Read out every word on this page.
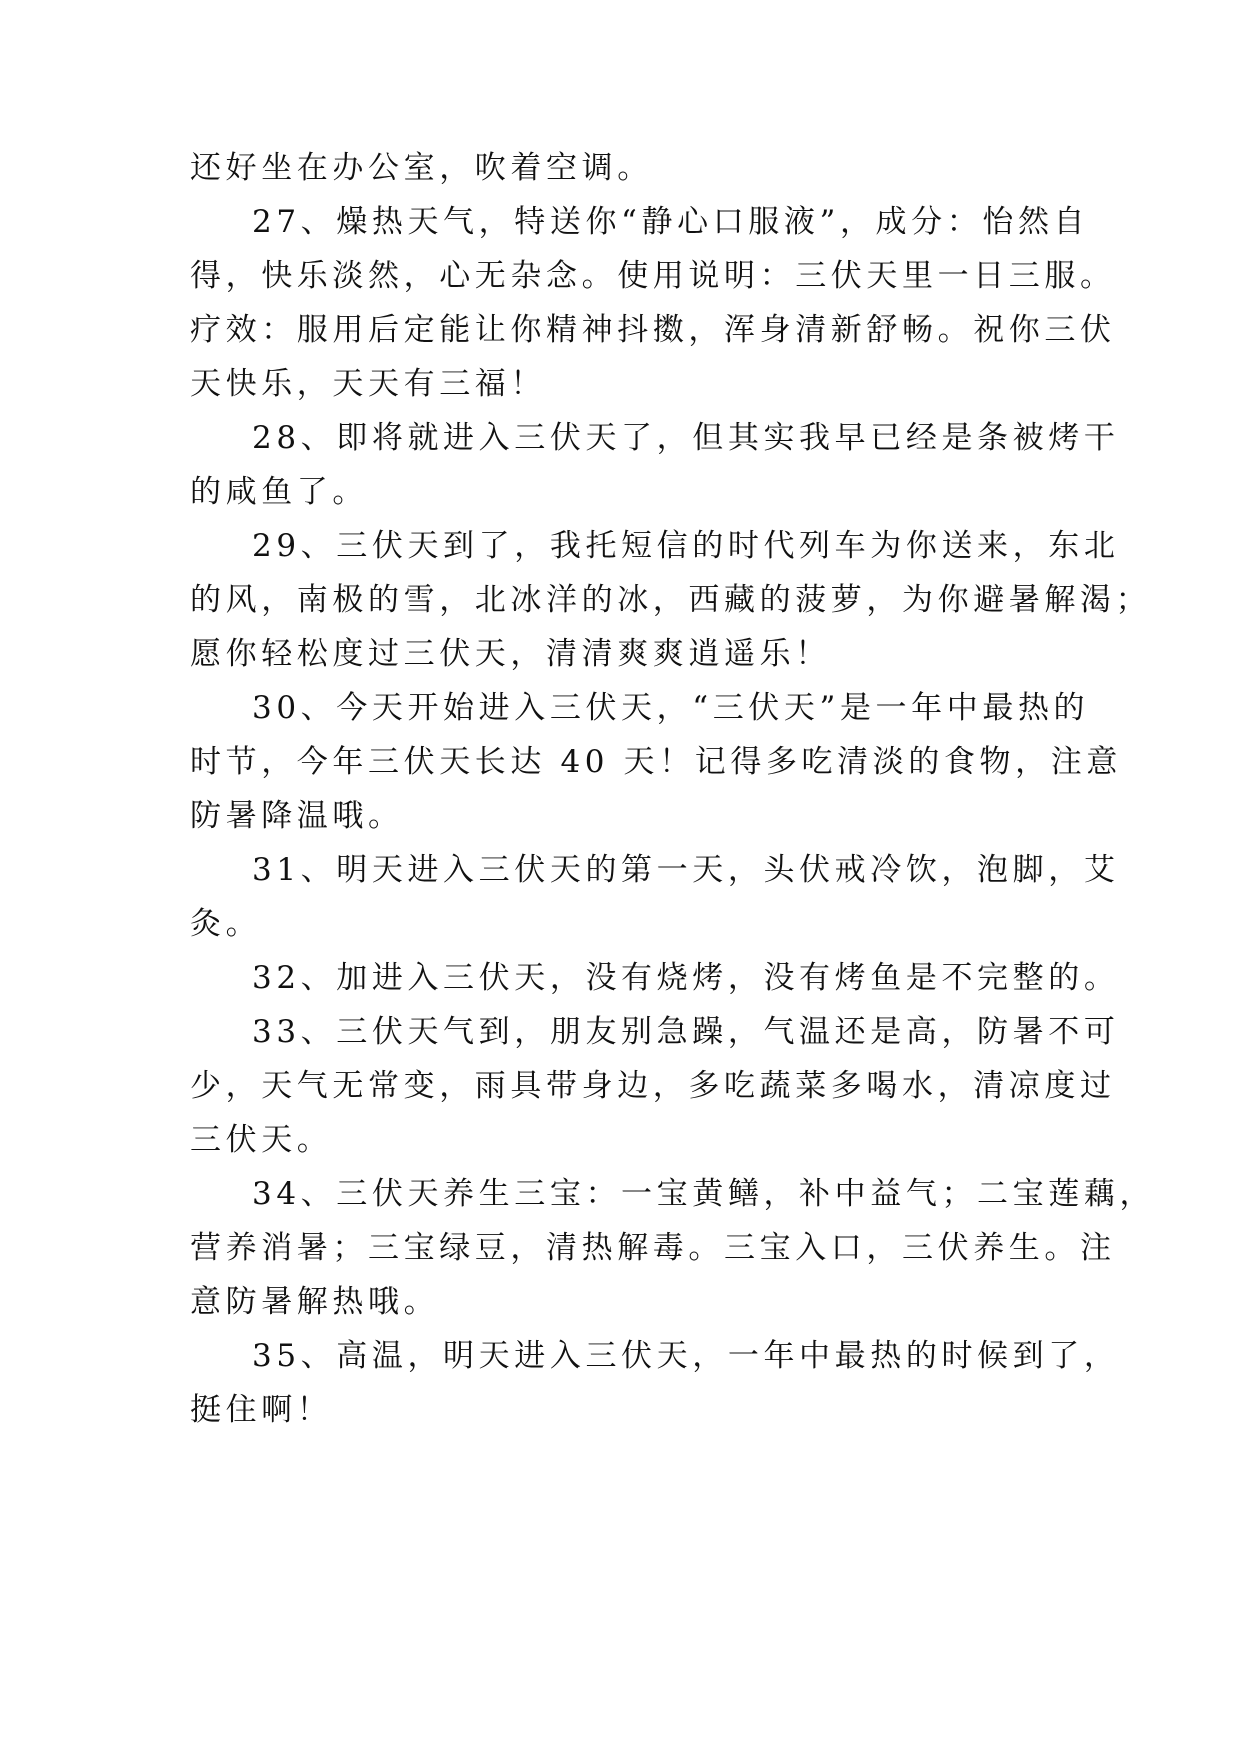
还好坐在办公室，吹着空调。
27、燥热天气，特送你“静心口服液”，成分：怡然自
得，快乐淡然，心无杂念。使用说明：三伏天里一日三服。
疗效：服用后定能让你精神抖擞，浑身清新舒畅。祝你三伏
天快乐，天天有三福！
28、即将就进入三伏天了，但其实我早已经是条被烤干
的咸鱼了。
29、三伏天到了，我托短信的时代列车为你送来，东北
的风，南极的雪，北冰洋的冰，西藏的菠萝，为你避暑解渴；
愿你轻松度过三伏天，清清爽爽逍遥乐！
30、今天开始进入三伏天，“三伏天”是一年中最热的
时节，今年三伏天长达 40 天！记得多吃清淡的食物，注意
防暑降温哦。
31、明天进入三伏天的第一天，头伏戒冷饮，泡脚，艾
灸。
32、加进入三伏天，没有烧烤，没有烤鱼是不完整的。
33、三伏天气到，朋友别急躁，气温还是高，防暑不可
少，天气无常变，雨具带身边，多吃蔬菜多喝水，清凉度过
三伏天。
34、三伏天养生三宝：一宝黄鳝，补中益气；二宝莲藕，
营养消暑；三宝绿豆，清热解毒。三宝入口，三伏养生。注
意防暑解热哦。
35、高温，明天进入三伏天，一年中最热的时候到了，
挺住啊！
